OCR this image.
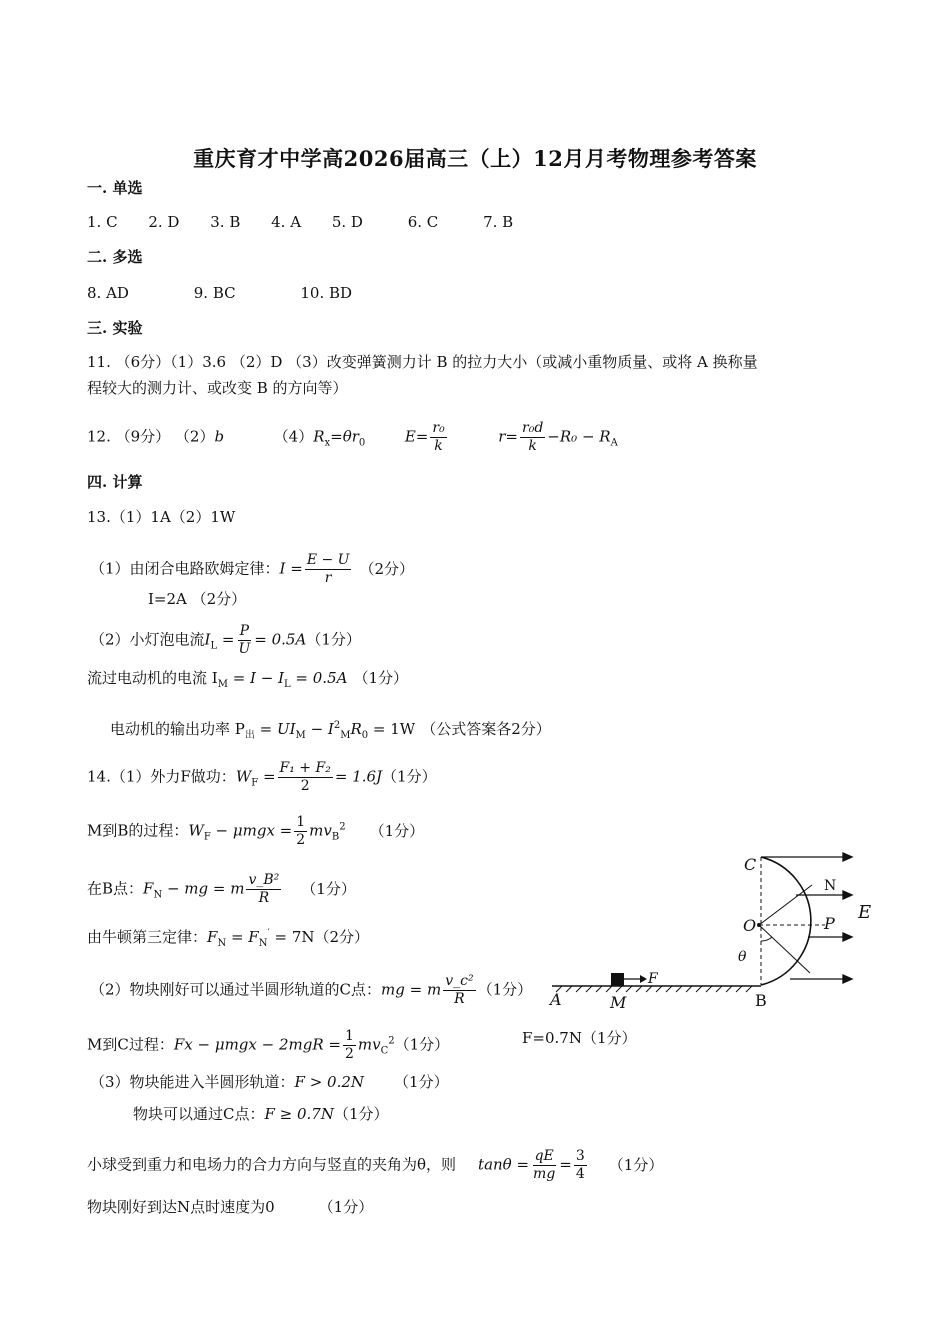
重庆育才中学高2026届高三（上）12月月考物理参考答案
一. 单选
1. C 2. D 3. B 4. A 5. D	6. C	7. B
二. 多选
8. AD	9. BC	10. BD
三. 实验
11. （6分）（1）3.6 （2）D （3）改变弹簧测力计 B 的拉力大小（或减小重物质量、或将 A 换称量
程较大的测力计、或改变 B 的方向等）
12. （9分） （2）b	$(4)R_x=\theta r_0$	$E= \frac{\text{r₀}}{k}$	$r= \frac{\text{r₀d}}{k} -R_0 - R_A$
四. 计算
13.（1）1A（2）1W
（1）由闭合电路欧姆定律：$I = \frac{E - U}{r} (2$分）
I=2A （2分）
（2）小灯泡电流$I_L = \frac{P}{U} = 0.5A(1$分）
流过电动机的电流 $I_M = I - I_L = 0.5A$ （1分）
电动机的输出功率 $P_出 = UI_M - I^2_MR_0 = 1W$ （公式答案各2分）
14.（1）外力F做功：$W_F = \frac{\text{F₁ + F₂}}{2} = 1.6J(1$分）
M到B的过程：$W_F - \mu mgx = \frac{1}{2} mv_B^2$ （1分）
在B点：$F_N$ − mg = m $\frac{\text{v\_B²}}{R} (1$分）
由牛顿第三定律：$F_N = F_N' = 7N(2$分）
（2）物块刚好可以通过半圆形轨道的C点：mg = m $\frac{\text{v\_c²}}{R} (1$分）
M到C过程：$Fx - \mu mgx - 2mgR = \frac{1}{2} mv_C^2(1$分）	F=0.7N（1分）
（3）物块能进入半圆形轨道：F > 0.2N （1分）
物块可以通过C点：F ≥ 0.7N（1分）
小球受到重力和电场力的合力方向与竖直的夹角为θ，则 $\tan\theta = \frac{qE}{mg} = \frac{3}{4} (1$分）
物块刚好到达N点时速度为0	（1分）
C
N
O	P
E
θ
F
A	M	B
